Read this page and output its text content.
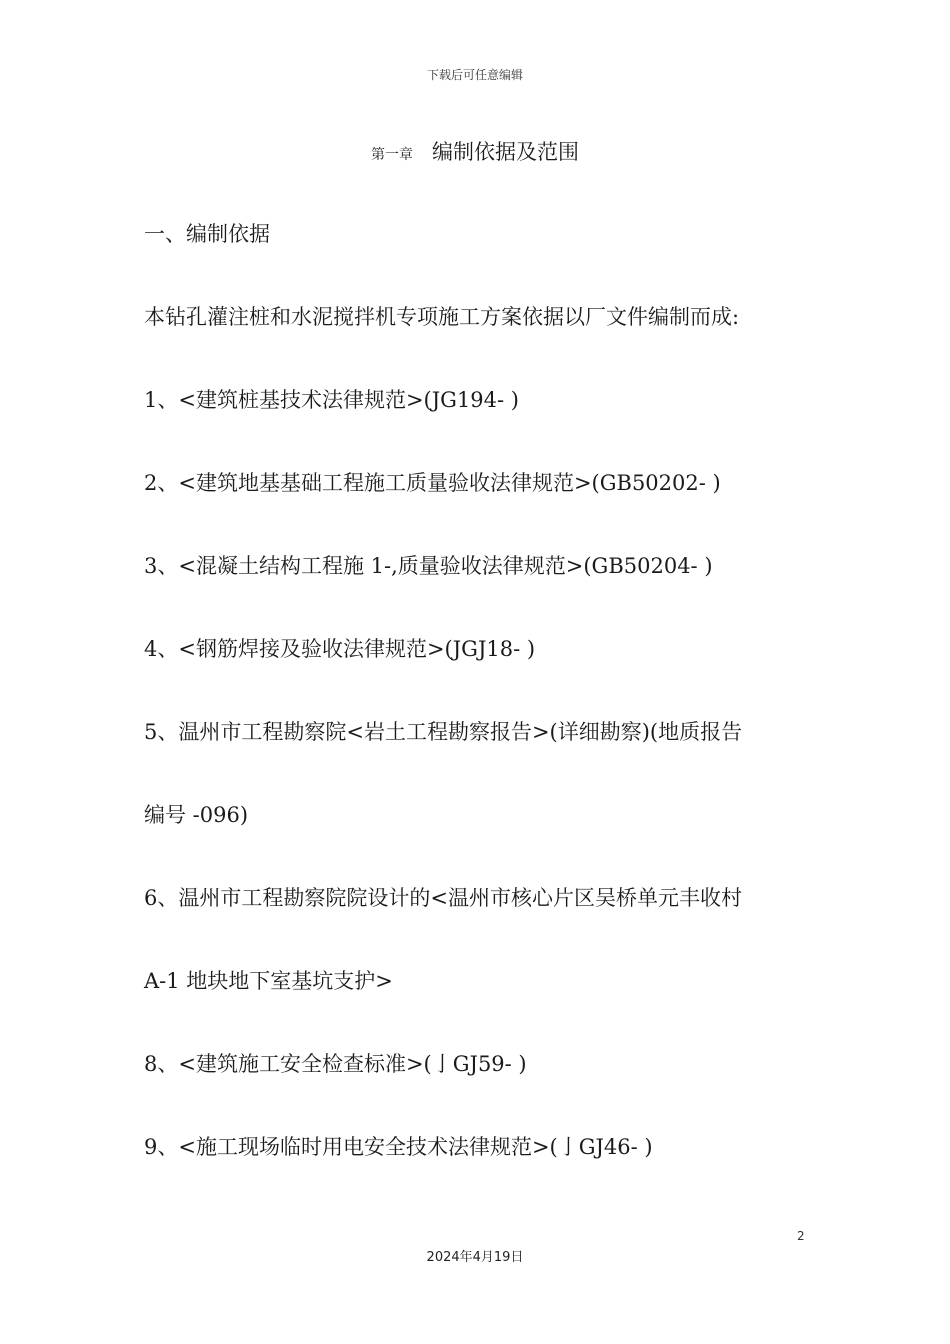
下载后可任意编辑
第一章 编制依据及范围
一、编制依据
本钻孔灌注桩和水泥搅拌机专项施工方案依据以厂文件编制而成:
1、<建筑桩基技术法律规范>(JG194- )
2、<建筑地基基础工程施工质量验收法律规范>(GB50202- )
3、<混凝土结构工程施 1-,质量验收法律规范>(GB50204- )
4、<钢筋焊接及验收法律规范>(JGJ18- )
5、温州市工程勘察院<岩土工程勘察报告>(详细勘察)(地质报告
编号 -096)
6、温州市工程勘察院院设计的<温州市核心片区吴桥单元丰收村
A-1 地块地下室基坑支护>
8、<建筑施工安全检查标准>(亅GJ59- )
9、<施工现场临时用电安全技术法律规范>(亅GJ46- )
2
2024年4月19日
